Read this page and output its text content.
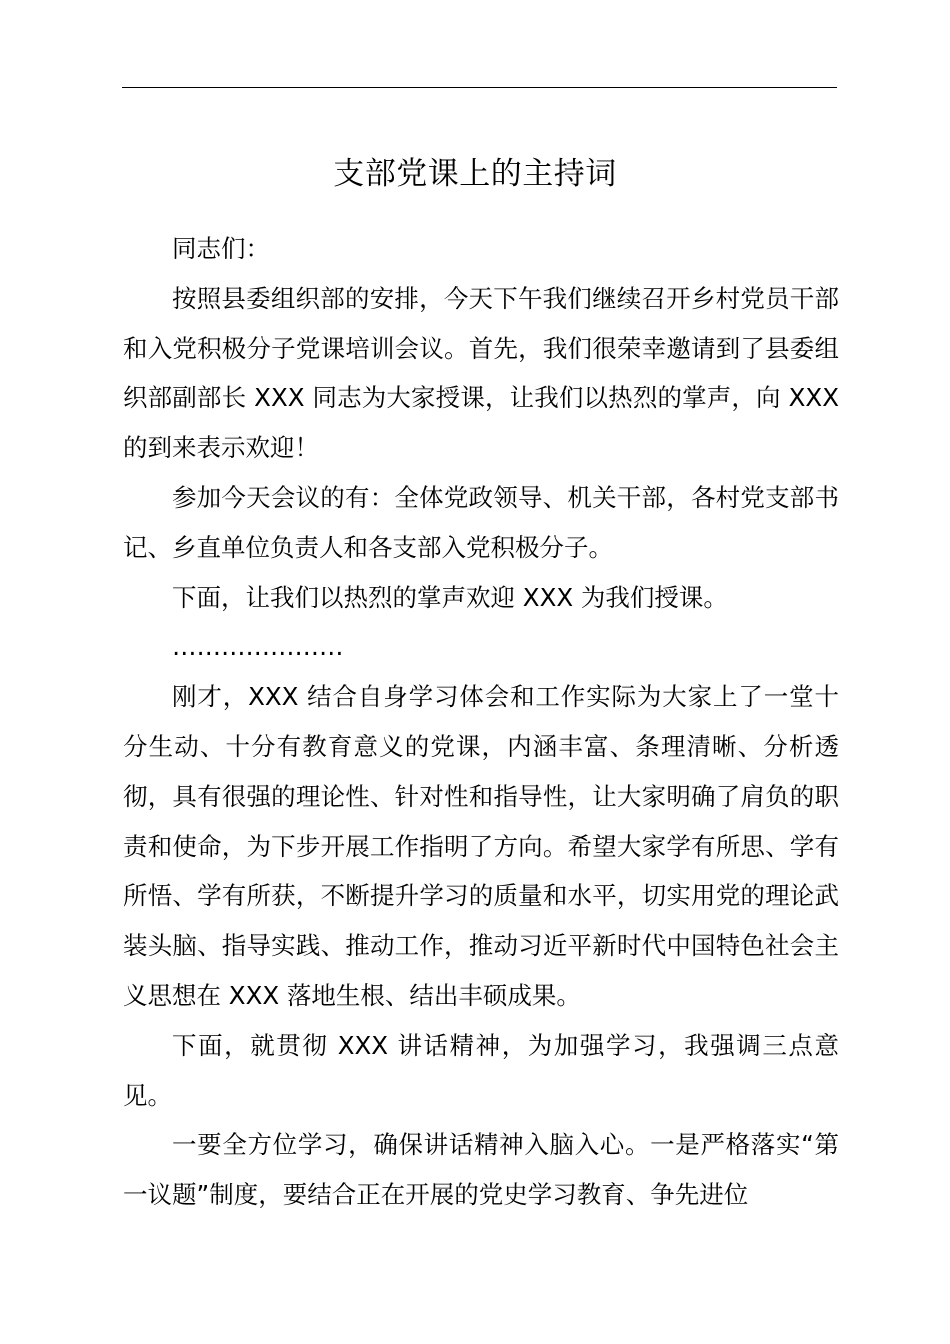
支部党课上的主持词

同志们：

按照县委组织部的安排，今天下午我们继续召开乡村党员干部和入党积极分子党课培训会议。首先，我们很荣幸邀请到了县委组织部副部长 XXX 同志为大家授课，让我们以热烈的掌声，向 XXX 的到来表示欢迎！

参加今天会议的有：全体党政领导、机关干部，各村党支部书记、乡直单位负责人和各支部入党积极分子。

下面，让我们以热烈的掌声欢迎 XXX 为我们授课。

…………………

刚才，XXX 结合自身学习体会和工作实际为大家上了一堂十分生动、十分有教育意义的党课，内涵丰富、条理清晰、分析透彻，具有很强的理论性、针对性和指导性，让大家明确了肩负的职责和使命，为下步开展工作指明了方向。希望大家学有所思、学有所悟、学有所获，不断提升学习的质量和水平，切实用党的理论武装头脑、指导实践、推动工作，推动习近平新时代中国特色社会主义思想在 XXX 落地生根、结出丰硕成果。

下面，就贯彻 XXX 讲话精神，为加强学习，我强调三点意见。

一要全方位学习，确保讲话精神入脑入心。一是严格落实“第一议题”制度，要结合正在开展的党史学习教育、争先进位
